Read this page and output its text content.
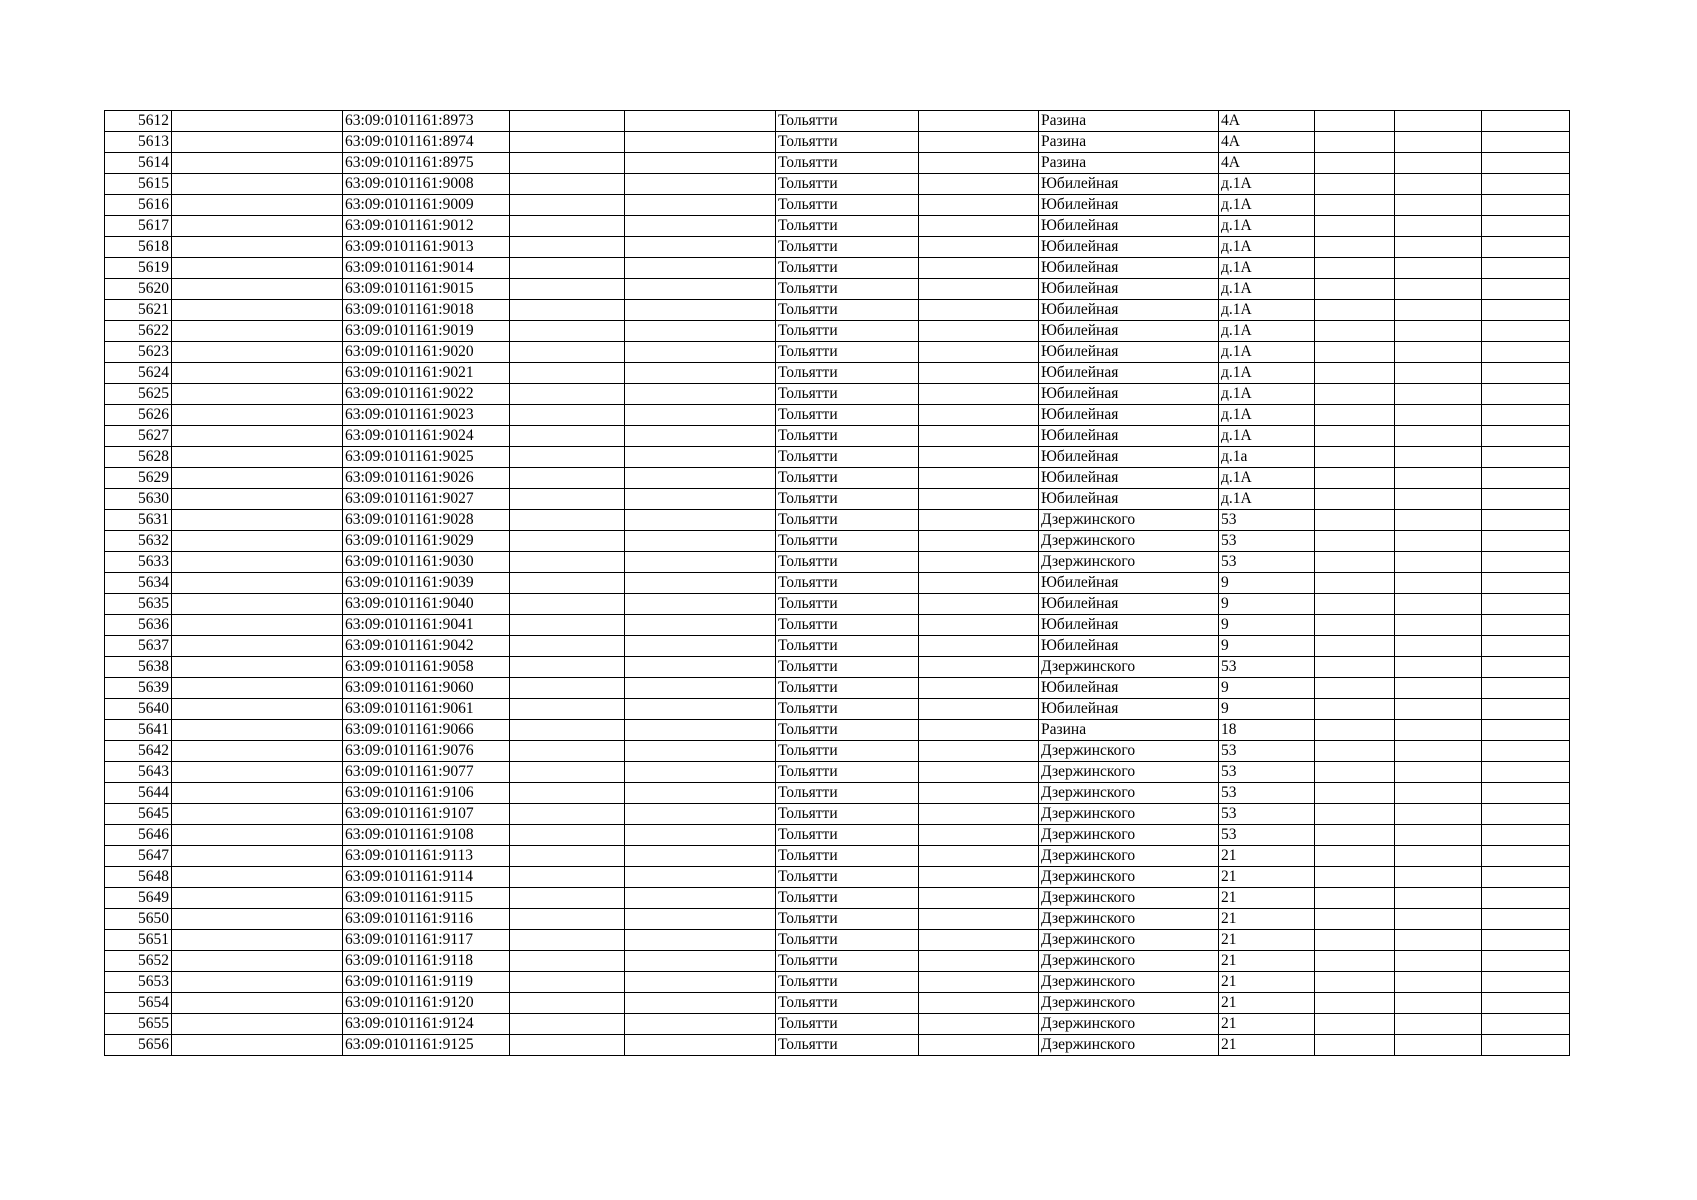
5612		63:09:0101161:8973			Тольятти		Разина	4А			
5613		63:09:0101161:8974			Тольятти		Разина	4А			
5614		63:09:0101161:8975			Тольятти		Разина	4А			
5615		63:09:0101161:9008			Тольятти		Юбилейная	д.1А			
5616		63:09:0101161:9009			Тольятти		Юбилейная	д.1А			
5617		63:09:0101161:9012			Тольятти		Юбилейная	д.1А			
5618		63:09:0101161:9013			Тольятти		Юбилейная	д.1А			
5619		63:09:0101161:9014			Тольятти		Юбилейная	д.1А			
5620		63:09:0101161:9015			Тольятти		Юбилейная	д.1А			
5621		63:09:0101161:9018			Тольятти		Юбилейная	д.1А			
5622		63:09:0101161:9019			Тольятти		Юбилейная	д.1А			
5623		63:09:0101161:9020			Тольятти		Юбилейная	д.1А			
5624		63:09:0101161:9021			Тольятти		Юбилейная	д.1А			
5625		63:09:0101161:9022			Тольятти		Юбилейная	д.1А			
5626		63:09:0101161:9023			Тольятти		Юбилейная	д.1А			
5627		63:09:0101161:9024			Тольятти		Юбилейная	д.1А			
5628		63:09:0101161:9025			Тольятти		Юбилейная	д.1а			
5629		63:09:0101161:9026			Тольятти		Юбилейная	д.1А			
5630		63:09:0101161:9027			Тольятти		Юбилейная	д.1А			
5631		63:09:0101161:9028			Тольятти		Дзержинского	53			
5632		63:09:0101161:9029			Тольятти		Дзержинского	53			
5633		63:09:0101161:9030			Тольятти		Дзержинского	53			
5634		63:09:0101161:9039			Тольятти		Юбилейная	9			
5635		63:09:0101161:9040			Тольятти		Юбилейная	9			
5636		63:09:0101161:9041			Тольятти		Юбилейная	9			
5637		63:09:0101161:9042			Тольятти		Юбилейная	9			
5638		63:09:0101161:9058			Тольятти		Дзержинского	53			
5639		63:09:0101161:9060			Тольятти		Юбилейная	9			
5640		63:09:0101161:9061			Тольятти		Юбилейная	9			
5641		63:09:0101161:9066			Тольятти		Разина	18			
5642		63:09:0101161:9076			Тольятти		Дзержинского	53			
5643		63:09:0101161:9077			Тольятти		Дзержинского	53			
5644		63:09:0101161:9106			Тольятти		Дзержинского	53			
5645		63:09:0101161:9107			Тольятти		Дзержинского	53			
5646		63:09:0101161:9108			Тольятти		Дзержинского	53			
5647		63:09:0101161:9113			Тольятти		Дзержинского	21			
5648		63:09:0101161:9114			Тольятти		Дзержинского	21			
5649		63:09:0101161:9115			Тольятти		Дзержинского	21			
5650		63:09:0101161:9116			Тольятти		Дзержинского	21			
5651		63:09:0101161:9117			Тольятти		Дзержинского	21			
5652		63:09:0101161:9118			Тольятти		Дзержинского	21			
5653		63:09:0101161:9119			Тольятти		Дзержинского	21			
5654		63:09:0101161:9120			Тольятти		Дзержинского	21			
5655		63:09:0101161:9124			Тольятти		Дзержинского	21			
5656		63:09:0101161:9125			Тольятти		Дзержинского	21			
